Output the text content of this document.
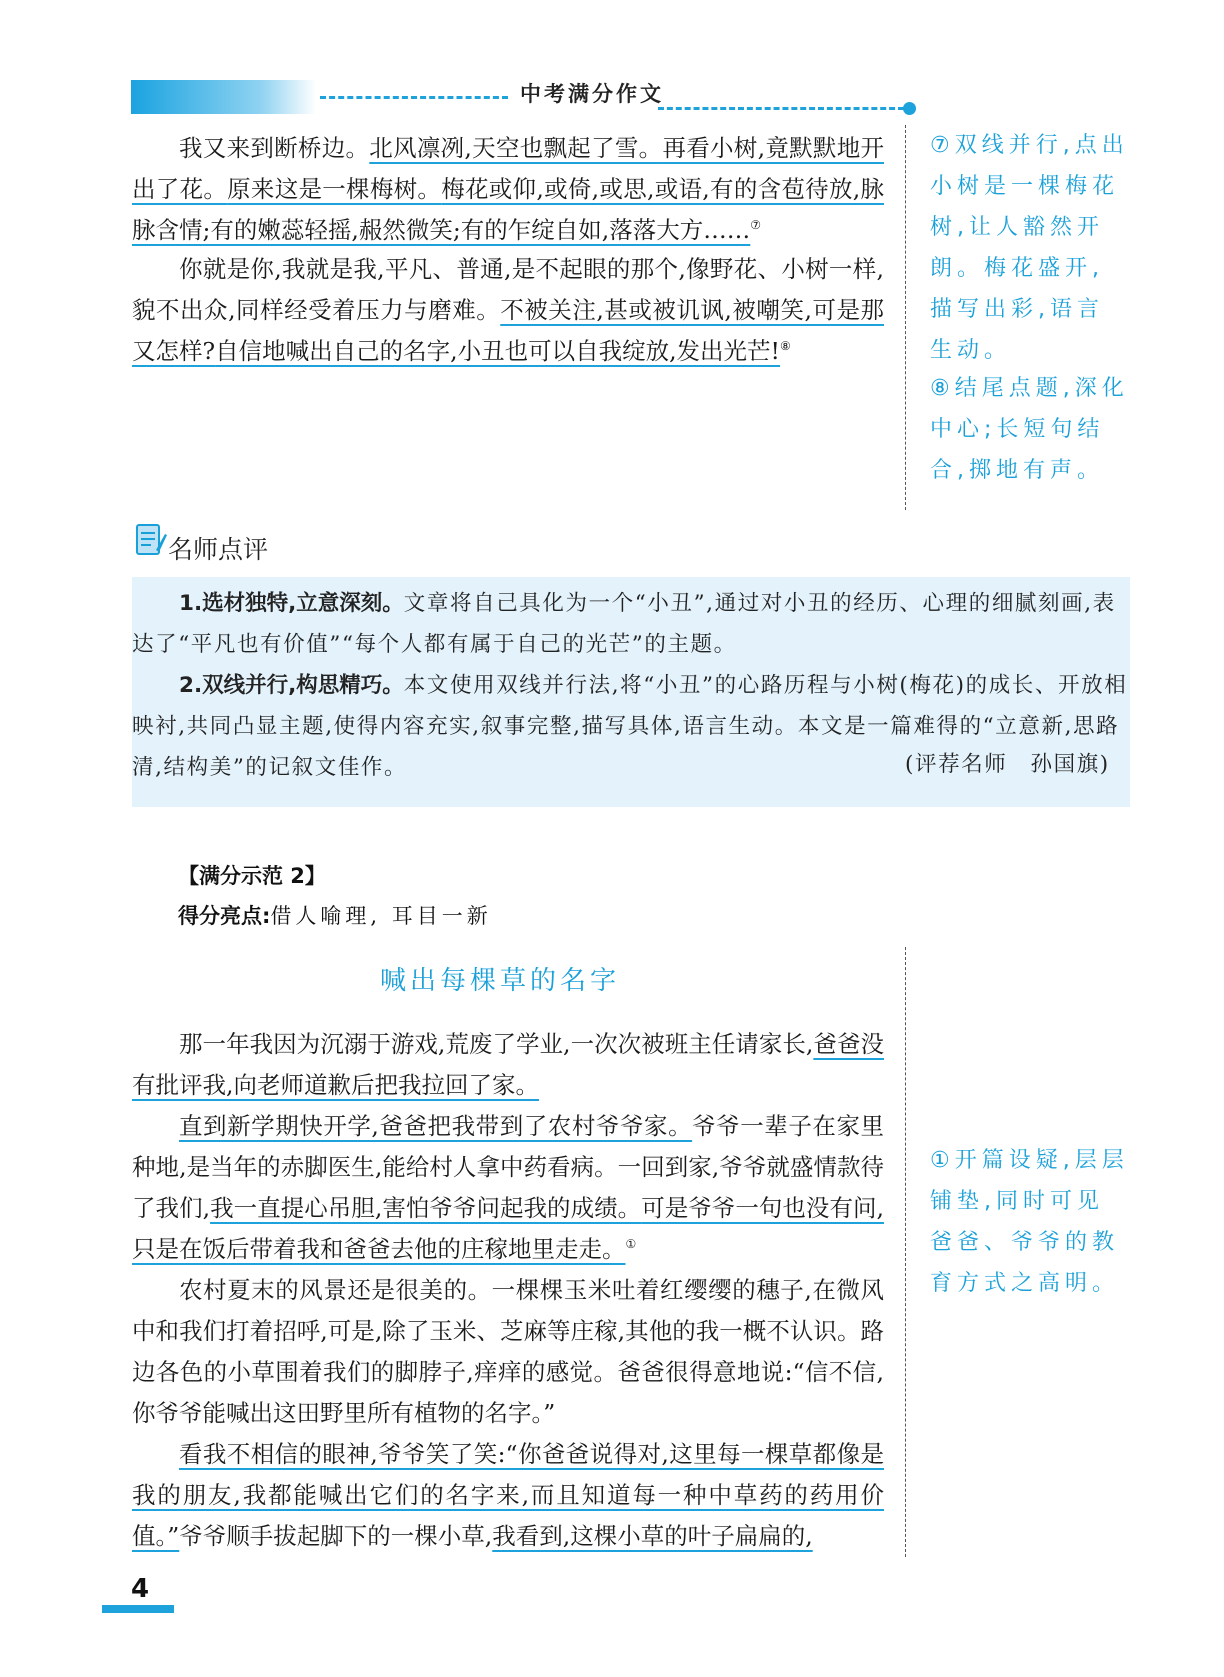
中考满分作文

我又来到断桥边。北风凛冽,天空也飘起了雪。再看小树,竟默默地开出了花。原来这是一棵梅树。梅花或仰,或倚,或思,或语,有的含苞待放,脉脉含情;有的嫩蕊轻摇,赧然微笑;有的乍绽自如,落落大方……⑦

你就是你,我就是我,平凡、普通,是不起眼的那个,像野花、小树一样,貌不出众,同样经受着压力与磨难。不被关注,甚或被讥讽,被嘲笑,可是那又怎样?自信地喊出自己的名字,小丑也可以自我绽放,发出光芒!⑧

⑦双线并行,点出小树是一棵梅花树,让人豁然开朗。梅花盛开,描写出彩,语言生动。

⑧结尾点题,深化中心;长短句结合,掷地有声。

名师点评

1.选材独特,立意深刻。文章将自己具化为一个“小丑”,通过对小丑的经历、心理的细腻刻画,表达了“平凡也有价值”“每个人都有属于自己的光芒”的主题。

2.双线并行,构思精巧。本文使用双线并行法,将“小丑”的心路历程与小树(梅花)的成长、开放相映衬,共同凸显主题,使得内容充实,叙事完整,描写具体,语言生动。本文是一篇难得的“立意新,思路清,结构美”的记叙文佳作。	(评荐名师　孙国旗)
【满分示范 2】
得分亮点:借人喻理, 耳目一新
喊出每棵草的名字

那一年我因为沉溺于游戏,荒废了学业,一次次被班主任请家长,爸爸没有批评我,向老师道歉后把我拉回了家。

直到新学期快开学,爸爸把我带到了农村爷爷家。爷爷一辈子在家里种地,是当年的赤脚医生,能给村人拿中药看病。一回到家,爷爷就盛情款待了我们,我一直提心吊胆,害怕爷爷问起我的成绩。可是爷爷一句也没有问,只是在饭后带着我和爸爸去他的庄稼地里走走。①

农村夏末的风景还是很美的。一棵棵玉米吐着红缨缨的穗子,在微风中和我们打着招呼,可是,除了玉米、芝麻等庄稼,其他的我一概不认识。路边各色的小草围着我们的脚脖子,痒痒的感觉。爸爸很得意地说:“信不信,你爷爷能喊出这田野里所有植物的名字。”

看我不相信的眼神,爷爷笑了笑:“你爸爸说得对,这里每一棵草都像是我的朋友,我都能喊出它们的名字来,而且知道每一种中草药的药用价值。”爷爷顺手拔起脚下的一棵小草,我看到,这棵小草的叶子扁扁的,

①开篇设疑,层层铺垫,同时可见爸爸、爷爷的教育方式之高明。

4
